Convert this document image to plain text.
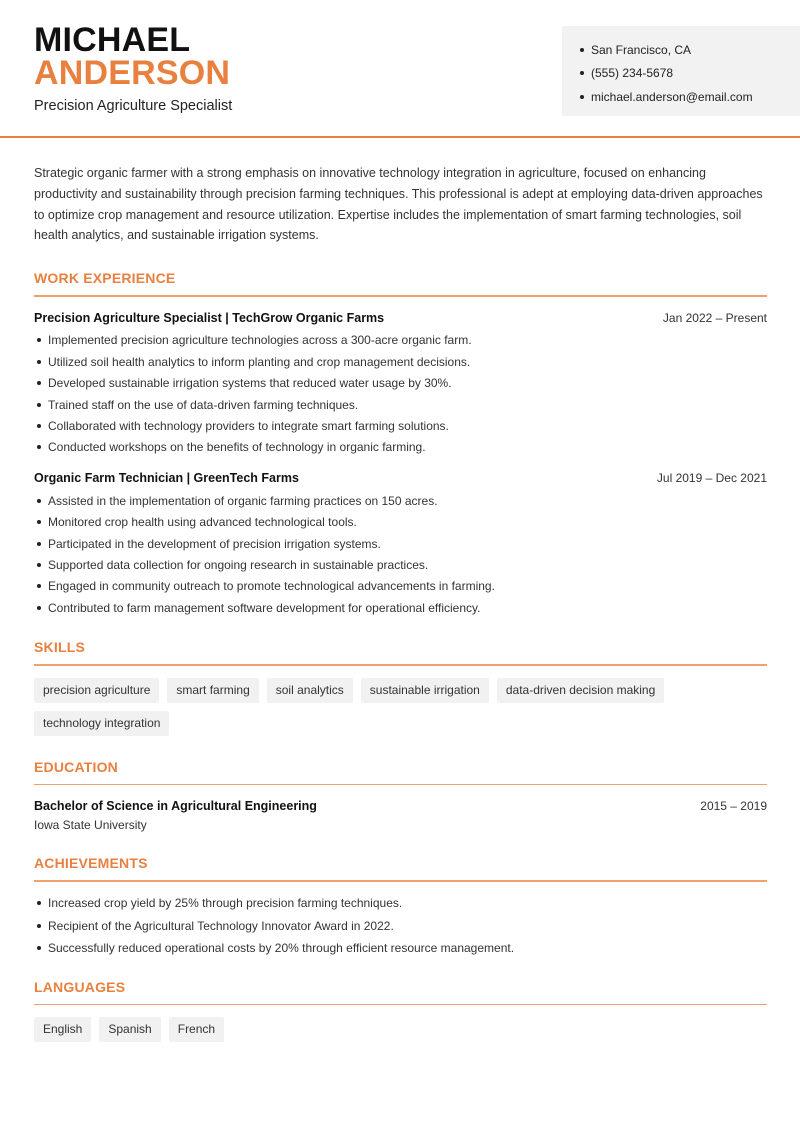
MICHAEL
ANDERSON
Precision Agriculture Specialist
San Francisco, CA
(555) 234-5678
michael.anderson@email.com

Strategic organic farmer with a strong emphasis on innovative technology integration in agriculture, focused on enhancing productivity and sustainability through precision farming techniques. This professional is adept at employing data-driven approaches to optimize crop management and resource utilization. Expertise includes the implementation of smart farming technologies, soil health analytics, and sustainable irrigation systems.

WORK EXPERIENCE
Precision Agriculture Specialist | TechGrow Organic Farms	Jan 2022 – Present
Implemented precision agriculture technologies across a 300-acre organic farm.
Utilized soil health analytics to inform planting and crop management decisions.
Developed sustainable irrigation systems that reduced water usage by 30%.
Trained staff on the use of data-driven farming techniques.
Collaborated with technology providers to integrate smart farming solutions.
Conducted workshops on the benefits of technology in organic farming.
Organic Farm Technician | GreenTech Farms	Jul 2019 – Dec 2021
Assisted in the implementation of organic farming practices on 150 acres.
Monitored crop health using advanced technological tools.
Participated in the development of precision irrigation systems.
Supported data collection for ongoing research in sustainable practices.
Engaged in community outreach to promote technological advancements in farming.
Contributed to farm management software development for operational efficiency.
SKILLS
precision agriculture	smart farming	soil analytics	sustainable irrigation	data-driven decision making
technology integration
EDUCATION
Bachelor of Science in Agricultural Engineering	2015 – 2019
Iowa State University
ACHIEVEMENTS
Increased crop yield by 25% through precision farming techniques.
Recipient of the Agricultural Technology Innovator Award in 2022.
Successfully reduced operational costs by 20% through efficient resource management.
LANGUAGES
English	Spanish	French
